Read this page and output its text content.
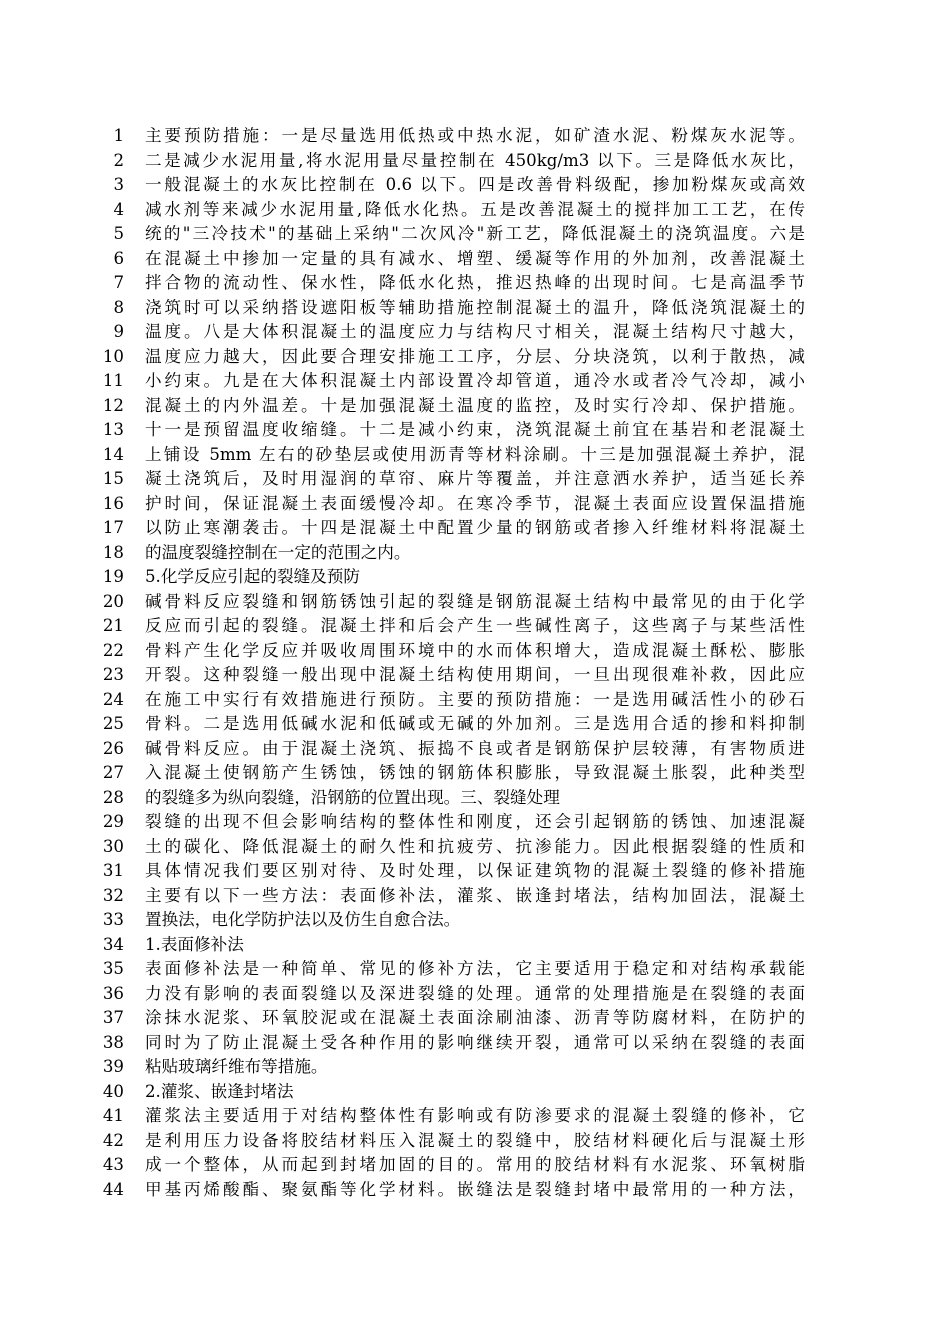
1 主要预防措施：一是尽量选用低热或中热水泥，如矿渣水泥、粉煤灰水泥等。
2 二是减少水泥用量,将水泥用量尽量控制在 450kg/m3 以下。三是降低水灰比，
3 一般混凝土的水灰比控制在 0.6 以下。四是改善骨料级配，掺加粉煤灰或高效
4 减水剂等来减少水泥用量,降低水化热。五是改善混凝土的搅拌加工工艺，在传
5 统的"三冷技术"的基础上采纳"二次风冷"新工艺，降低混凝土的浇筑温度。六是
6 在混凝土中掺加一定量的具有减水、增塑、缓凝等作用的外加剂，改善混凝土
7 拌合物的流动性、保水性，降低水化热，推迟热峰的出现时间。七是高温季节
8 浇筑时可以采纳搭设遮阳板等辅助措施控制混凝土的温升，降低浇筑混凝土的
9 温度。八是大体积混凝土的温度应力与结构尺寸相关，混凝土结构尺寸越大，
10 温度应力越大，因此要合理安排施工工序，分层、分块浇筑，以利于散热，减
11 小约束。九是在大体积混凝土内部设置冷却管道，通冷水或者冷气冷却，减小
12 混凝土的内外温差。十是加强混凝土温度的监控，及时实行冷却、保护措施。
13 十一是预留温度收缩缝。十二是减小约束，浇筑混凝土前宜在基岩和老混凝土
14 上铺设 5mm 左右的砂垫层或使用沥青等材料涂刷。十三是加强混凝土养护，混
15 凝土浇筑后，及时用湿润的草帘、麻片等覆盖，并注意洒水养护，适当延长养
16 护时间，保证混凝土表面缓慢冷却。在寒冷季节，混凝土表面应设置保温措施
17 以防止寒潮袭击。十四是混凝土中配置少量的钢筋或者掺入纤维材料将混凝土
18 的温度裂缝控制在一定的范围之内。
19 5.化学反应引起的裂缝及预防
20 碱骨料反应裂缝和钢筋锈蚀引起的裂缝是钢筋混凝土结构中最常见的由于化学
21 反应而引起的裂缝。混凝土拌和后会产生一些碱性离子，这些离子与某些活性
22 骨料产生化学反应并吸收周围环境中的水而体积增大，造成混凝土酥松、膨胀
23 开裂。这种裂缝一般出现中混凝土结构使用期间，一旦出现很难补救，因此应
24 在施工中实行有效措施进行预防。主要的预防措施：一是选用碱活性小的砂石
25 骨料。二是选用低碱水泥和低碱或无碱的外加剂。三是选用合适的掺和料抑制
26 碱骨料反应。由于混凝土浇筑、振捣不良或者是钢筋保护层较薄，有害物质进
27 入混凝土使钢筋产生锈蚀，锈蚀的钢筋体积膨胀，导致混凝土胀裂，此种类型
28 的裂缝多为纵向裂缝，沿钢筋的位置出现。三、裂缝处理
29 裂缝的出现不但会影响结构的整体性和刚度，还会引起钢筋的锈蚀、加速混凝
30 土的碳化、降低混凝土的耐久性和抗疲劳、抗渗能力。因此根据裂缝的性质和
31 具体情况我们要区别对待、及时处理，以保证建筑物的混凝土裂缝的修补措施
32 主要有以下一些方法：表面修补法，灌浆、嵌逢封堵法，结构加固法，混凝土
33 置换法，电化学防护法以及仿生自愈合法。
34 1.表面修补法
35 表面修补法是一种简单、常见的修补方法，它主要适用于稳定和对结构承载能
36 力没有影响的表面裂缝以及深进裂缝的处理。通常的处理措施是在裂缝的表面
37 涂抹水泥浆、环氧胶泥或在混凝土表面涂刷油漆、沥青等防腐材料，在防护的
38 同时为了防止混凝土受各种作用的影响继续开裂，通常可以采纳在裂缝的表面
39 粘贴玻璃纤维布等措施。
40 2.灌浆、嵌逢封堵法
41 灌浆法主要适用于对结构整体性有影响或有防渗要求的混凝土裂缝的修补，它
42 是利用压力设备将胶结材料压入混凝土的裂缝中，胶结材料硬化后与混凝土形
43 成一个整体，从而起到封堵加固的目的。常用的胶结材料有水泥浆、环氧树脂
44 甲基丙烯酸酯、聚氨酯等化学材料。嵌缝法是裂缝封堵中最常用的一种方法，
